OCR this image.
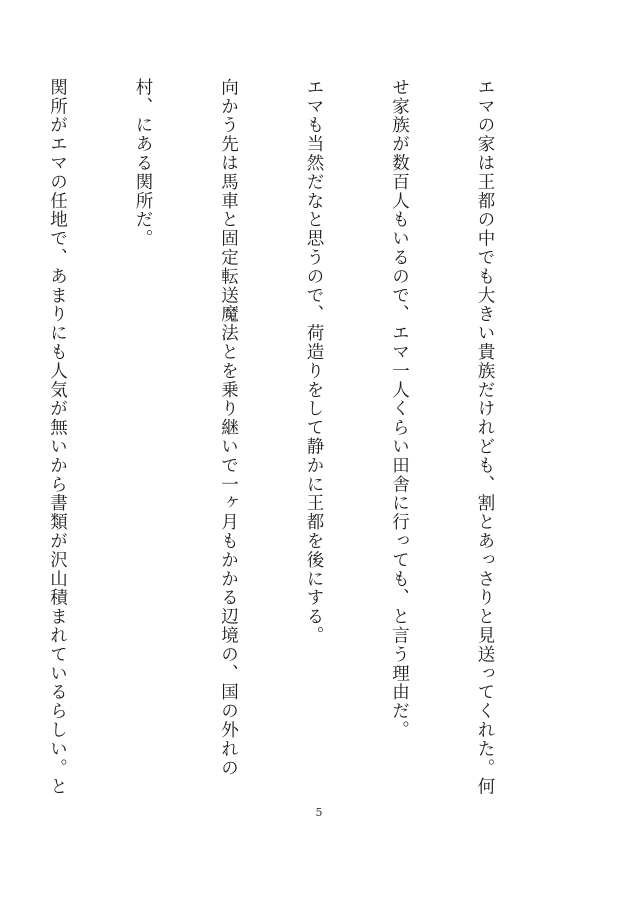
エマの家は王都の中でも大きい貴族だけれども、割とあっさりと見送ってくれた。何

せ家族が数百人もいるので、エマ一人くらい田舎に行っても、と言う理由だ。

エマも当然だなと思うので、荷造りをして静かに王都を後にする。

向かう先は馬車と固定転送魔法とを乗り継いで一ヶ月もかかる辺境の、国の外れの

村、にある関所だ。

関所がエマの任地で、あまりにも人気が無いから書類が沢山積まれているらしい。と

5
